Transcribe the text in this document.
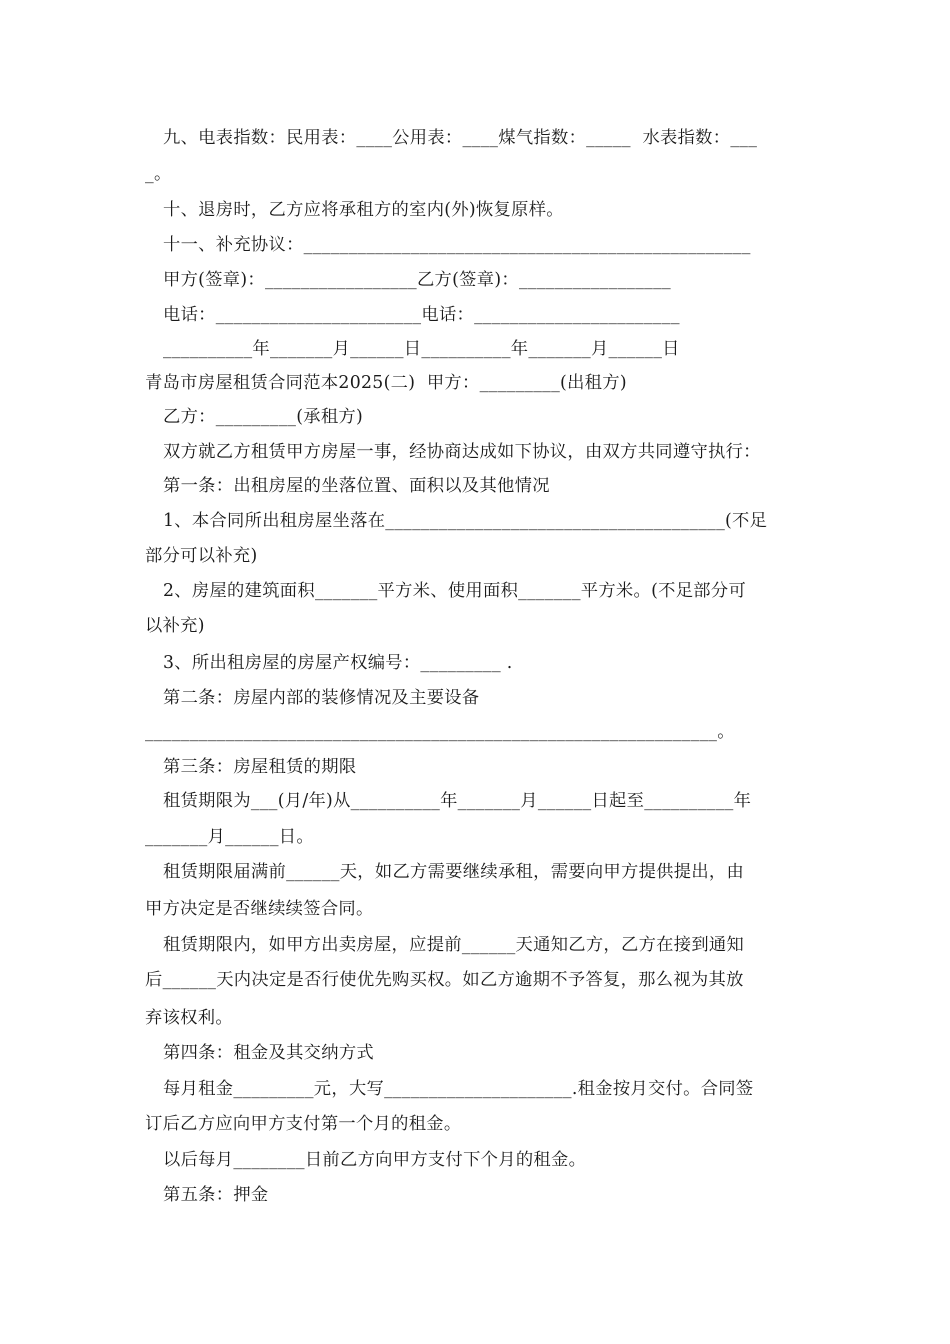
九、电表指数：民用表：____公用表：____煤气指数：_____  水表指数：___
_。
十、退房时，乙方应将承租方的室内(外)恢复原样。
十一、补充协议：__________________________________________________
甲方(签章)：_________________乙方(签章)：_________________
电话：_______________________电话：_______________________
__________年_______月______日__________年_______月______日
青岛市房屋租赁合同范本2025(二)  甲方：_________(出租方)
乙方：_________(承租方)
双方就乙方租赁甲方房屋一事，经协商达成如下协议，由双方共同遵守执行：
第一条：出租房屋的坐落位置、面积以及其他情况
1、本合同所出租房屋坐落在______________________________________(不足
部分可以补充)
2、房屋的建筑面积_______平方米、使用面积_______平方米。(不足部分可
以补充)
3、所出租房屋的房屋产权编号：_________ .
第二条：房屋内部的装修情况及主要设备
________________________________________________________________。
第三条：房屋租赁的期限
租赁期限为___(月/年)从__________年_______月______日起至__________年
_______月______日。
租赁期限届满前______天，如乙方需要继续承租，需要向甲方提供提出，由
甲方决定是否继续续签合同。
租赁期限内，如甲方出卖房屋，应提前______天通知乙方，乙方在接到通知
后______天内决定是否行使优先购买权。如乙方逾期不予答复，那么视为其放
弃该权利。
第四条：租金及其交纳方式
每月租金_________元，大写_____________________.租金按月交付。合同签
订后乙方应向甲方支付第一个月的租金。
以后每月________日前乙方向甲方支付下个月的租金。
第五条：押金
